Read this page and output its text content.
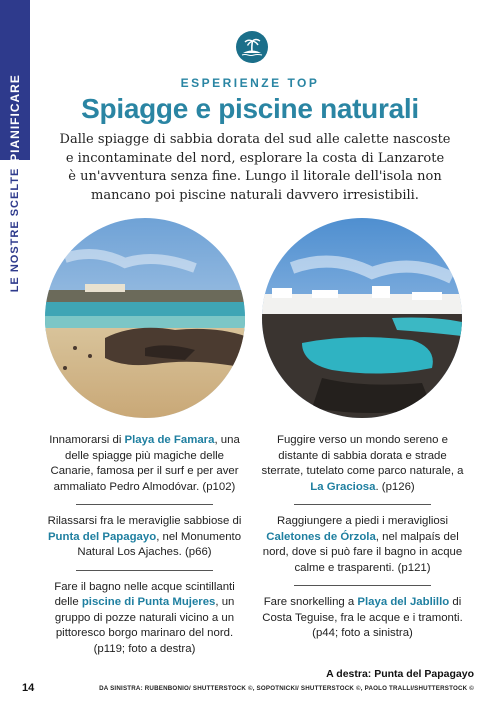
PIANIFICARE
LE NOSTRE SCELTE
ESPERIENZE TOP
Spiagge e piscine naturali
Dalle spiagge di sabbia dorata del sud alle calette nascoste
e incontaminate del nord, esplorare la costa di Lanzarote
è un'avventura senza fine. Lungo il litorale dell'isola non
mancano poi piscine naturali davvero irresistibili.
Innamorarsi di Playa de Famara, una delle spiagge più magiche delle Canarie, famosa per il surf e per aver ammaliato Pedro Almodóvar. (p102)
Rilassarsi fra le meraviglie sabbiose di Punta del Papagayo, nel Monumento Natural Los Ajaches. (p66)
Fare il bagno nelle acque scintillanti delle piscine di Punta Mujeres, un gruppo di pozze naturali vicino a un pittoresco borgo marinaro del nord. (p119; foto a destra)
Fuggire verso un mondo sereno e distante di sabbia dorata e strade sterrate, tutelato come parco naturale, a La Graciosa. (p126)
Raggiungere a piedi i meravigliosi Caletones de Órzola, nel malpaís del nord, dove si può fare il bagno in acque calme e trasparenti. (p121)
Fare snorkelling a Playa del Jablillo di Costa Teguise, fra le acque e i tramonti. (p44; foto a sinistra)
A destra: Punta del Papagayo
14	DA SINISTRA: RUBENBONIO/ SHUTTERSTOCK ©, SOPOTNICKI/ SHUTTERSTOCK ©, PAOLO TRALLI/SHUTTERSTOCK ©
